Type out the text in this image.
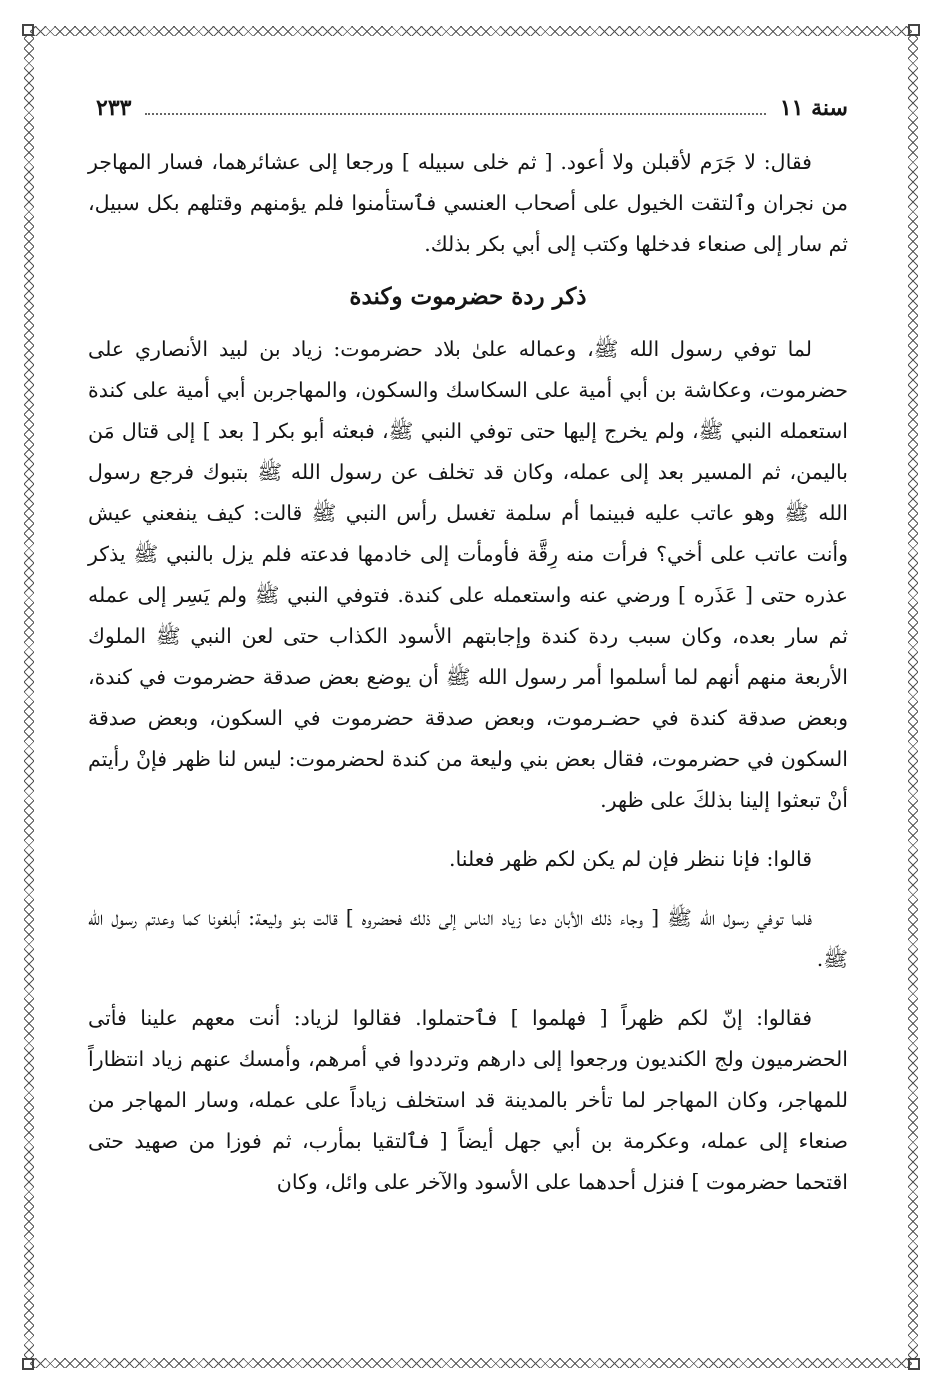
سنة ١١
٢٣٣

فقال: لا جَرَم لأقبلن ولا أعود. [ ثم خلى سبيله ] ورجعا إلى عشائرهما، فسار المهاجر من نجران وٱلتقت الخيول على أصحاب العنسي فٱستأمنوا فلم يؤمنهم وقتلهم بكل سبيل، ثم سار إلى صنعاء فدخلها وكتب إلى أبي بكر بذلك.

ذكر ردة حضرموت وكندة

لما توفي رسول الله ﷺ، وعماله علىٰ بلاد حضرموت: زياد بن لبيد الأنصاري على حضرموت، وعكاشة بن أبي أمية على السكاسك والسكون، والمهاجربن أبي أمية على كندة استعمله النبي ﷺ، ولم يخرج إليها حتى توفي النبي ﷺ، فبعثه أبو بكر [ بعد ] إلى قتال مَن باليمن، ثم المسير بعد إلى عمله، وكان قد تخلف عن رسول الله ﷺ بتبوك فرجع رسول الله ﷺ وهو عاتب عليه فبينما أم سلمة تغسل رأس النبي ﷺ قالت: كيف ينفعني عيش وأنت عاتب على أخي؟ فرأت منه رِقَّة فأومأت إلى خادمها فدعته فلم يزل بالنبي ﷺ يذكر عذره حتى [ عَذَره ] ورضي عنه واستعمله على كندة. فتوفي النبي ﷺ ولم يَسِر إلى عمله ثم سار بعده، وكان سبب ردة كندة وإجابتهم الأسود الكذاب حتى لعن النبي ﷺ الملوك الأربعة منهم أنهم لما أسلموا أمر رسول الله ﷺ أن يوضع بعض صدقة حضرموت في كندة، وبعض صدقة كندة في حضـرموت، وبعض صدقة حضرموت في السكون، وبعض صدقة السكون في حضرموت، فقال بعض بني وليعة من كندة لحضرموت: ليس لنا ظهر فإنْ رأيتم أنْ تبعثوا إلينا بذلكَ على ظهر.

قالوا: فإنا ننظر فإن لم يكن لكم ظهر فعلنا.

فلما توفي رسول الله ﷺ [ وجاء ذلك الأبان دعا زياد الناس إلى ذلك فحضروه ] قالت بنو وليعة: أبلغونا كما وعدتم رسول الله ﷺ.

فقالوا: إنّ لكم ظهراً [ فهلموا ] فٱحتملوا. فقالوا لزياد: أنت معهم علينا فأتى الحضرميون ولج الكنديون ورجعوا إلى دارهم وترددوا في أمرهم، وأمسك عنهم زياد انتظاراً للمهاجر، وكان المهاجر لما تأخر بالمدينة قد استخلف زياداً على عمله، وسار المهاجر من صنعاء إلى عمله، وعكرمة بن أبي جهل أيضاً [ فٱلتقيا بمأرب، ثم فوزا من صهيد حتى اقتحما حضرموت ] فنزل أحدهما على الأسود والآخر على وائل، وكان
